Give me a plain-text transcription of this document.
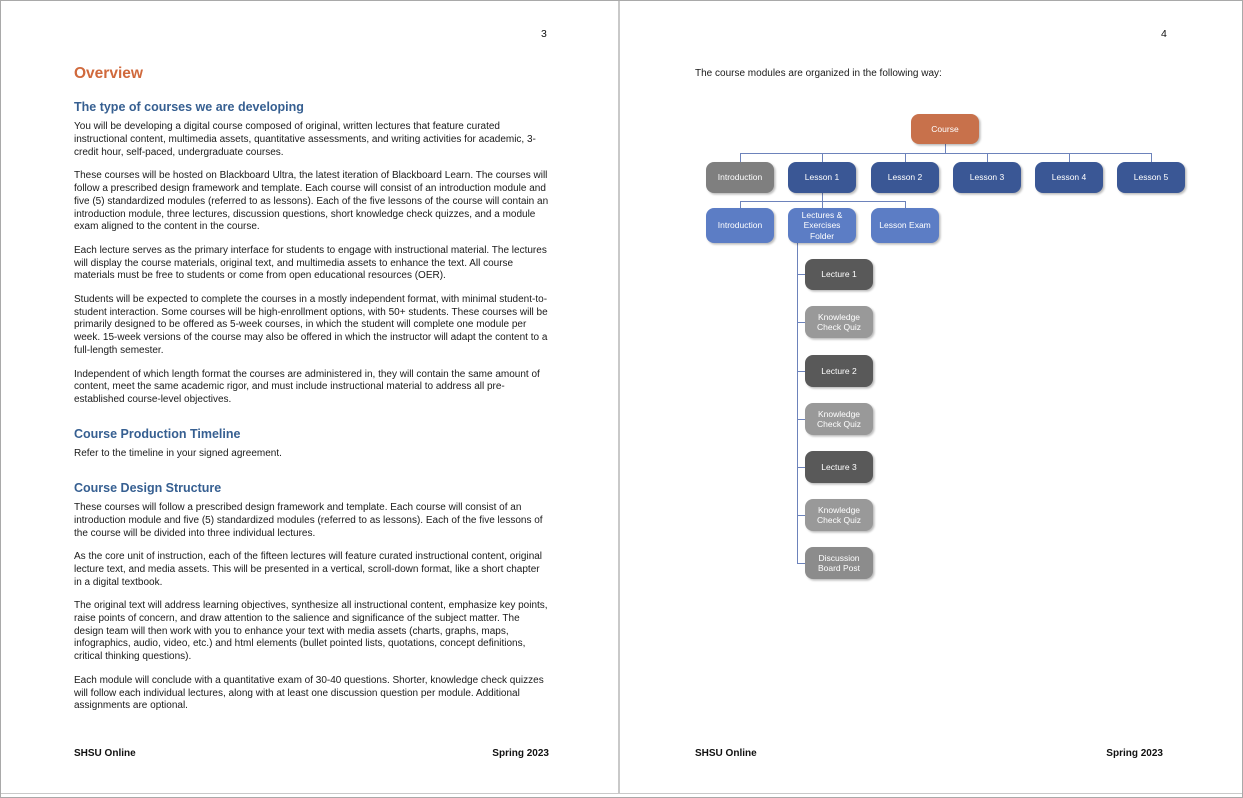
3
Overview
The type of courses we are developing

You will be developing a digital course composed of original, written lectures that feature curated instructional content, multimedia assets, quantitative assessments, and writing activities for academic, 3-credit hour, self-paced, undergraduate courses.

These courses will be hosted on Blackboard Ultra, the latest iteration of Blackboard Learn. The courses will follow a prescribed design framework and template. Each course will consist of an introduction module and five (5) standardized modules (referred to as lessons). Each of the five lessons of the course will contain an introduction module, three lectures, discussion questions, short knowledge check quizzes, and a module exam aligned to the content in the course.

Each lecture serves as the primary interface for students to engage with instructional material. The lectures will display the course materials, original text, and multimedia assets to enhance the text. All course materials must be free to students or come from open educational resources (OER).

Students will be expected to complete the courses in a mostly independent format, with minimal student-to-student interaction. Some courses will be high-enrollment options, with 50+ students. These courses will be primarily designed to be offered as 5-week courses, in which the student will complete one module per week. 15-week versions of the course may also be offered in which the instructor will adapt the content to a full-length semester.

Independent of which length format the courses are administered in, they will contain the same amount of content, meet the same academic rigor, and must include instructional material to address all pre-established course-level objectives.

Course Production Timeline

Refer to the timeline in your signed agreement.

Course Design Structure

These courses will follow a prescribed design framework and template. Each course will consist of an introduction module and five (5) standardized modules (referred to as lessons). Each of the five lessons of the course will be divided into three individual lectures.

As the core unit of instruction, each of the fifteen lectures will feature curated instructional content, original lecture text, and media assets. This will be presented in a vertical, scroll-down format, like a short chapter in a digital textbook.

The original text will address learning objectives, synthesize all instructional content, emphasize key points, raise points of concern, and draw attention to the salience and significance of the subject matter. The design team will then work with you to enhance your text with media assets (charts, graphs, maps, infographics, audio, video, etc.) and html elements (bullet pointed lists, quotations, concept definitions, critical thinking questions).

Each module will conclude with a quantitative exam of 30-40 questions. Shorter, knowledge check quizzes will follow each individual lectures, along with at least one discussion question per module. Additional assignments are optional.

SHSU Online	Spring 2023
4
The course modules are organized in the following way:
Course
Introduction	Lesson 1	Lesson 2	Lesson 3	Lesson 4	Lesson 5
Introduction
Lectures & Exercises Folder
Lesson Exam
Lecture 1
Knowledge Check Quiz
Lecture 2
Knowledge Check Quiz
Lecture 3
Knowledge Check Quiz
Discussion Board Post
SHSU Online	Spring 2023
